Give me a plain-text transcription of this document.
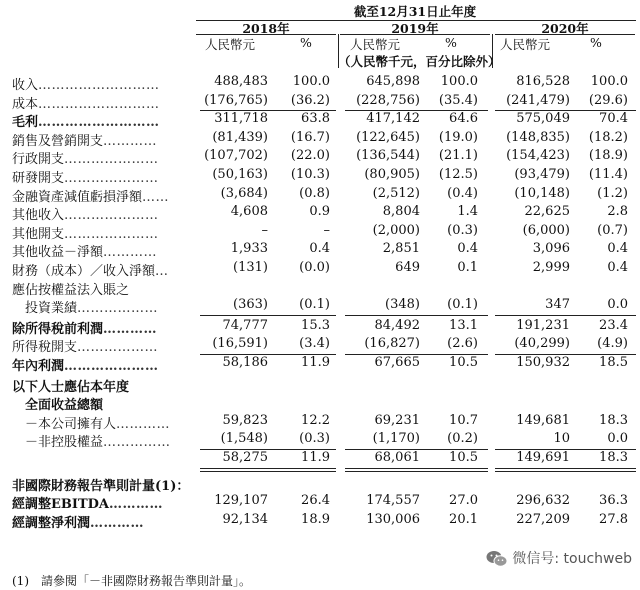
截至12月31日止年度
2018年	2019年	2020年
人民幣元	%	人民幣元	%	人民幣元	%
（人民幣千元，百分比除外）
收入………………………	488,483	100.0	645,898	100.0	816,528	100.0
成本………………………	(176,765)	(36.2)	(228,756)	(35.4)	(241,479)	(29.6)
毛利………………………	311,718	63.8	417,142	64.6	575,049	70.4
銷售及營銷開支…………	(81,439)	(16.7)	(122,645)	(19.0)	(148,835)	(18.2)
行政開支…………………	(107,702)	(22.0)	(136,544)	(21.1)	(154,423)	(18.9)
研發開支…………………	(50,163)	(10.3)	(80,905)	(12.5)	(93,479)	(11.4)
金融資產減值虧損淨額……	(3,684)	(0.8)	(2,512)	(0.4)	(10,148)	(1.2)
其他收入…………………	4,608	0.9	8,804	1.4	22,625	2.8
其他開支…………………	–	–	(2,000)	(0.3)	(6,000)	(0.7)
其他收益－淨額…………	1,933	0.4	2,851	0.4	3,096	0.4
財務（成本）／收入淨額…	(131)	(0.0)	649	0.1	2,999	0.4
應佔按權益法入賬之
　投資業績………………	(363)	(0.1)	(348)	(0.1)	347	0.0
除所得稅前利潤…………	74,777	15.3	84,492	13.1	191,231	23.4
所得稅開支………………	(16,591)	(3.4)	(16,827)	(2.6)	(40,299)	(4.9)
年內利潤…………………	58,186	11.9	67,665	10.5	150,932	18.5
以下人士應佔本年度
　全面收益總額
　－本公司擁有人…………	59,823	12.2	69,231	10.7	149,681	18.3
　－非控股權益……………	(1,548)	(0.3)	(1,170)	(0.2)	10	0.0
58,275	11.9	68,061	10.5	149,691	18.3
非國際財務報告準則計量(1)：
經調整EBITDA…………	129,107	26.4	174,557	27.0	296,632	36.3
經調整淨利潤…………	92,134	18.9	130,006	20.1	227,209	27.8
(1)　請參閱「－非國際財務報告準則計量」。
微信号: touchweb
